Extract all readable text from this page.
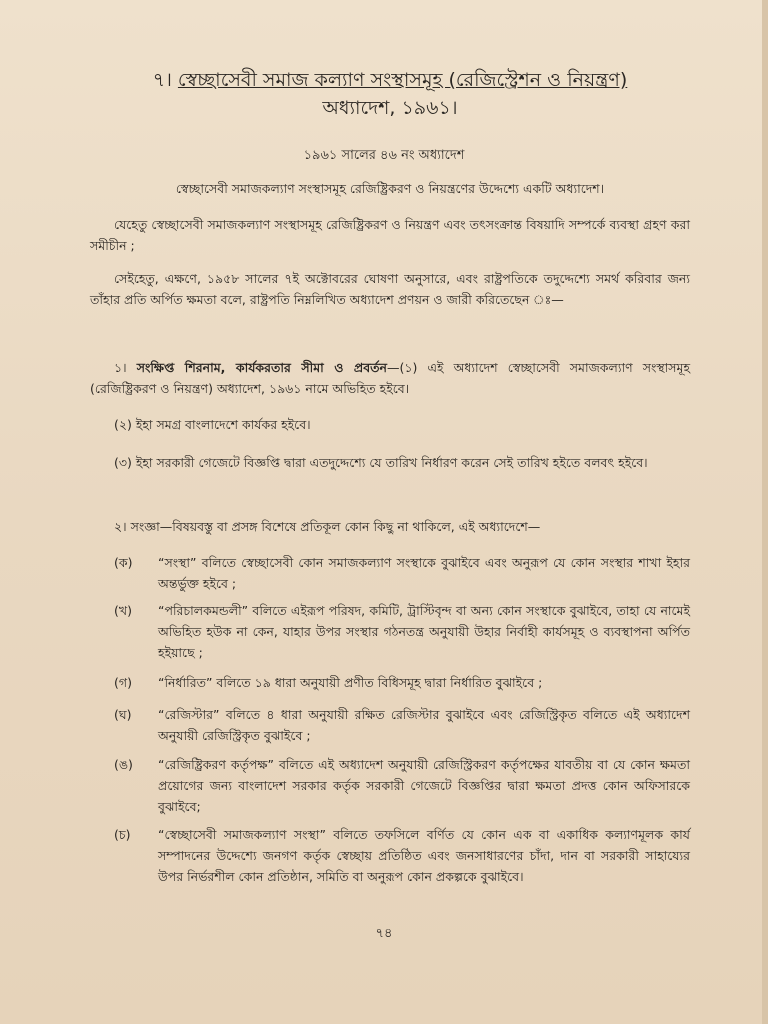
৭। স্বেচ্ছাসেবী সমাজ কল্যাণ সংস্থাসমূহ (রেজিস্ট্রেশন ও নিয়ন্ত্রণ)
অধ্যাদেশ, ১৯৬১।
১৯৬১ সালের ৪৬ নং অধ্যাদেশ
স্বেচ্ছাসেবী সমাজকল্যাণ সংস্থাসমূহ রেজিষ্ট্রিকরণ ও নিয়ন্ত্রণের উদ্দেশ্যে একটি অধ্যাদেশ।
যেহেতু স্বেচ্ছাসেবী সমাজকল্যাণ সংস্থাসমূহ রেজিষ্ট্রিকরণ ও নিয়ন্ত্রণ এবং তৎসংক্রান্ত বিষয়াদি সম্পর্কে ব্যবস্থা গ্রহণ করা সমীচীন ;
সেইহেতু, এক্ষণে, ১৯৫৮ সালের ৭ই অক্টোবরের ঘোষণা অনুসারে, এবং রাষ্ট্রপতিকে তদুদ্দেশ্যে সমর্থ করিবার জন্য তাঁহার প্রতি অর্পিত ক্ষমতা বলে, রাষ্ট্রপতি নিম্নলিখিত অধ্যাদেশ প্রণয়ন ও জারী করিতেছেন ঃ—
১। সংক্ষিপ্ত শিরনাম, কার্যকরতার সীমা ও প্রবর্তন—(১) এই অধ্যাদেশ স্বেচ্ছাসেবী সমাজকল্যাণ সংস্থাসমূহ (রেজিষ্ট্রিকরণ ও নিয়ন্ত্রণ) অধ্যাদেশ, ১৯৬১ নামে অভিহিত হইবে।
(২) ইহা সমগ্র বাংলাদেশে কার্যকর হইবে।
(৩) ইহা সরকারী গেজেটে বিজ্ঞপ্তি দ্বারা এতদুদ্দেশ্যে যে তারিখ নির্ধারণ করেন সেই তারিখ হইতে বলবৎ হইবে।
২। সংজ্ঞা—বিষয়বস্তু বা প্রসঙ্গ বিশেষে প্রতিকূল কোন কিছু না থাকিলে, এই অধ্যাদেশে—
(ক) “সংস্থা” বলিতে স্বেচ্ছাসেবী কোন সমাজকল্যাণ সংস্থাকে বুঝাইবে এবং অনুরূপ যে কোন সংস্থার শাখা ইহার অন্তর্ভুক্ত হইবে ;
(খ) “পরিচালকমন্ডলী” বলিতে এইরূপ পরিষদ, কমিটি, ট্রাস্টিবৃন্দ বা অন্য কোন সংস্থাকে বুঝাইবে, তাহা যে নামেই অভিহিত হউক না কেন, যাহার উপর সংস্থার গঠনতন্ত্র অনুযায়ী উহার নির্বাহী কার্যসমূহ ও ব্যবস্থাপনা অর্পিত হইয়াছে ;
(গ) “নির্ধারিত” বলিতে ১৯ ধারা অনুযায়ী প্রণীত বিধিসমূহ দ্বারা নির্ধারিত বুঝাইবে ;
(ঘ) “রেজিস্টার” বলিতে ৪ ধারা অনুযায়ী রক্ষিত রেজিস্টার বুঝাইবে এবং রেজিস্ট্রিকৃত বলিতে এই অধ্যাদেশ অনুযায়ী রেজিস্ট্রিকৃত বুঝাইবে ;
(ঙ) “রেজিষ্ট্রিকরণ কর্তৃপক্ষ” বলিতে এই অধ্যাদেশ অনুযায়ী রেজিস্ট্রিকরণ কর্তৃপক্ষের যাবতীয় বা যে কোন ক্ষমতা প্রয়োগের জন্য বাংলাদেশ সরকার কর্তৃক সরকারী গেজেটে বিজ্ঞপ্তির দ্বারা ক্ষমতা প্রদত্ত কোন অফিসারকে বুঝাইবে;
(চ) “স্বেচ্ছাসেবী সমাজকল্যাণ সংস্থা” বলিতে তফসিলে বর্ণিত যে কোন এক বা একাধিক কল্যাণমূলক কার্য সম্পাদনের উদ্দেশ্যে জনগণ কর্তৃক স্বেচ্ছায় প্রতিষ্ঠিত এবং জনসাধারণের চাঁদা, দান বা সরকারী সাহায্যের উপর নির্ভরশীল কোন প্রতিষ্ঠান, সমিতি বা অনুরূপ কোন প্রকল্পকে বুঝাইবে।
৭৪
